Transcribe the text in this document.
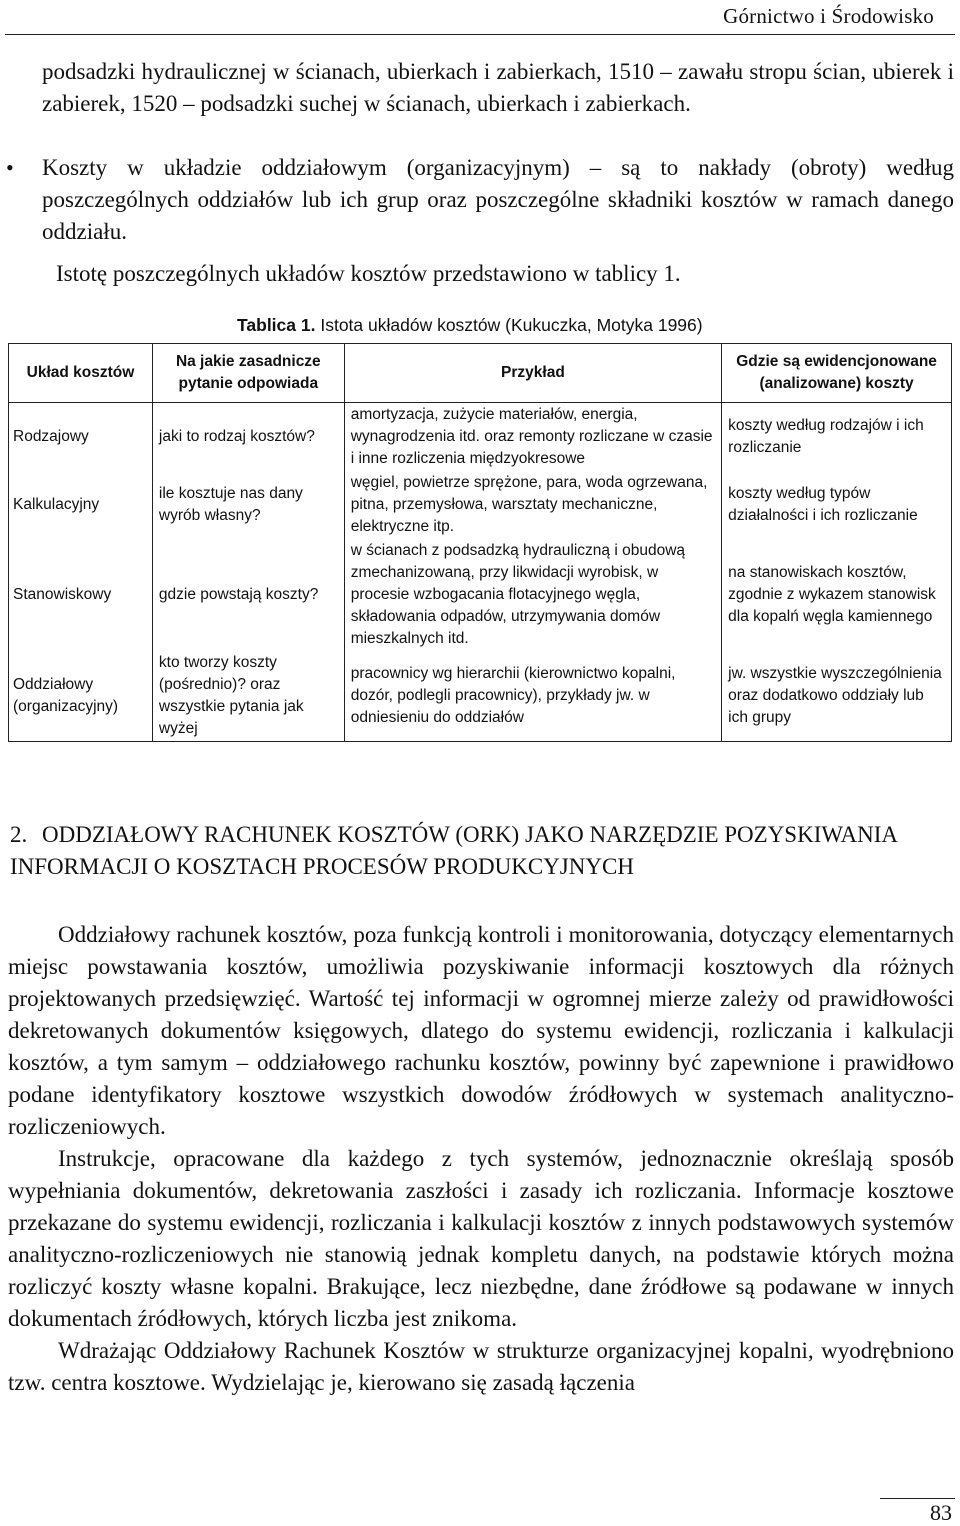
Górnictwo i Środowisko
podsadzki hydraulicznej w ścianach, ubierkach i zabierkach, 1510 – zawału stropu ścian, ubierek i zabierek, 1520 – podsadzki suchej w ścianach, ubierkach i zabierkach.
• Koszty w układzie oddziałowym (organizacyjnym) – są to nakłady (obroty) według poszczególnych oddziałów lub ich grup oraz poszczególne składniki kosztów w ramach danego oddziału.
Istotę poszczególnych układów kosztów przedstawiono w tablicy 1.
Tablica 1. Istota układów kosztów (Kukuczka, Motyka 1996)
Układ kosztów	Na jakie zasadnicze pytanie odpowiada	Przykład	Gdzie są ewidencjonowane (analizowane) koszty
Rodzajowy	jaki to rodzaj kosztów?	amortyzacja, zużycie materiałów, energia, wynagrodzenia itd. oraz remonty rozliczane w czasie i inne rozliczenia międzyokresowe	koszty według rodzajów i ich rozliczanie
Kalkulacyjny	ile kosztuje nas dany wyrób własny?	węgiel, powietrze sprężone, para, woda ogrzewana, pitna, przemysłowa, warsztaty mechaniczne, elektryczne itp.	koszty według typów działalności i ich rozliczanie
Stanowiskowy	gdzie powstają koszty?	w ścianach z podsadzką hydrauliczną i obudową zmechanizowaną, przy likwidacji wyrobisk, w procesie wzbogacania flotacyjnego węgla, składowania odpadów, utrzymywania domów mieszkalnych itd.	na stanowiskach kosztów, zgodnie z wykazem stanowisk dla kopalń węgla kamiennego
Oddziałowy (organizacyjny)	kto tworzy koszty (pośrednio)? oraz wszystkie pytania jak wyżej	pracownicy wg hierarchii (kierownictwo kopalni, dozór, podlegli pracownicy), przykłady jw. w odniesieniu do oddziałów	jw. wszystkie wyszczególnienia oraz dodatkowo oddziały lub ich grupy
2. ODDZIAŁOWY RACHUNEK KOSZTÓW (ORK) JAKO NARZĘDZIE POZYSKIWANIA INFORMACJI O KOSZTACH PROCESÓW PRODUKCYJNYCH

Oddziałowy rachunek kosztów, poza funkcją kontroli i monitorowania, dotyczący elementarnych miejsc powstawania kosztów, umożliwia pozyskiwanie informacji kosztowych dla różnych projektowanych przedsięwzięć. Wartość tej informacji w ogromnej mierze zależy od prawidłowości dekretowanych dokumentów księgowych, dlatego do systemu ewidencji, rozliczania i kalkulacji kosztów, a tym samym – oddziałowego rachunku kosztów, powinny być zapewnione i prawidłowo podane identyfikatory kosztowe wszystkich dowodów źródłowych w systemach analityczno-rozliczeniowych.

Instrukcje, opracowane dla każdego z tych systemów, jednoznacznie określają sposób wypełniania dokumentów, dekretowania zaszłości i zasady ich rozliczania. Informacje kosztowe przekazane do systemu ewidencji, rozliczania i kalkulacji kosztów z innych podstawowych systemów analityczno-rozliczeniowych nie stanowią jednak kompletu danych, na podstawie których można rozliczyć koszty własne kopalni. Brakujące, lecz niezbędne, dane źródłowe są podawane w innych dokumentach źródłowych, których liczba jest znikoma.

Wdrażając Oddziałowy Rachunek Kosztów w strukturze organizacyjnej kopalni, wyodrębniono tzw. centra kosztowe. Wydzielając je, kierowano się zasadą łączenia

83
